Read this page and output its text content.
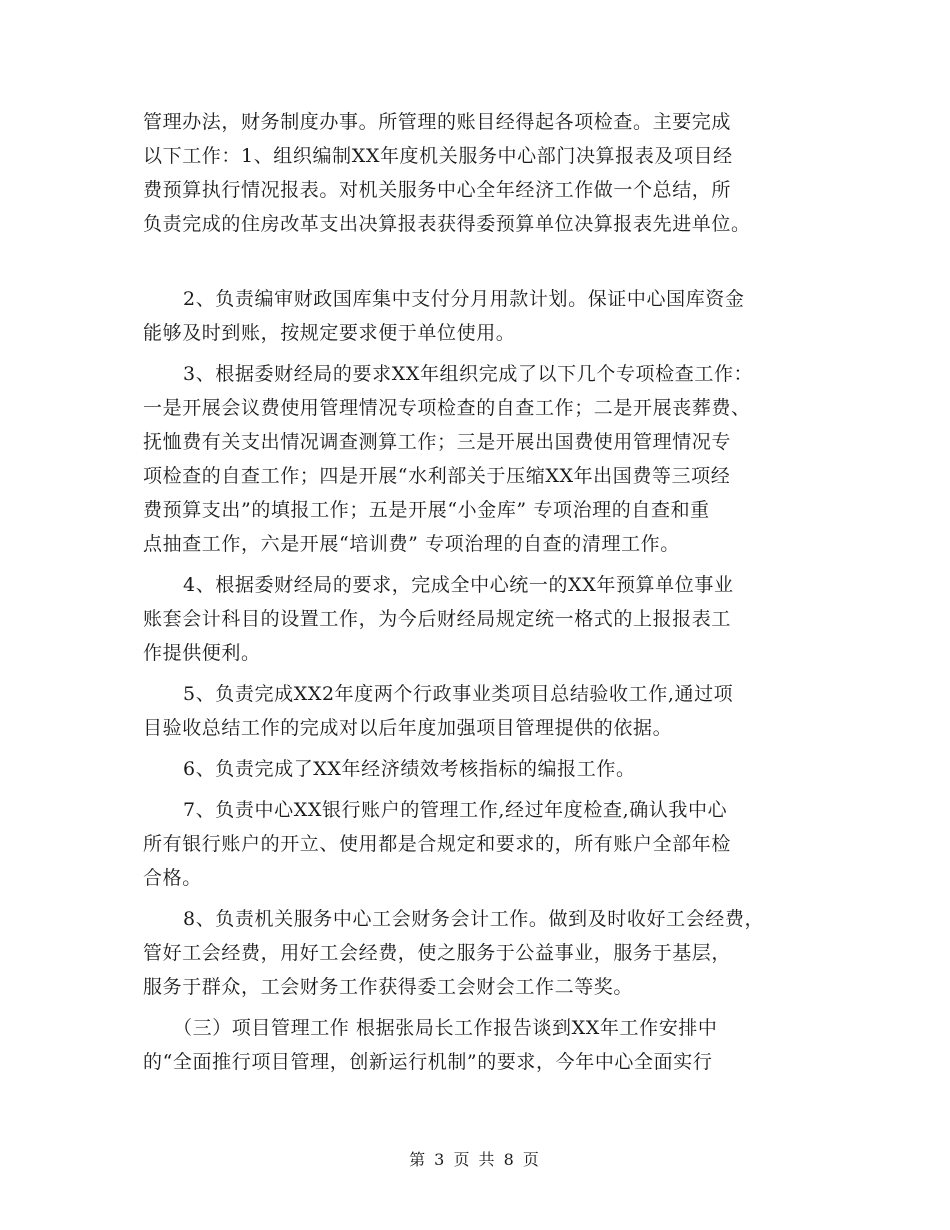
管理办法，财务制度办事。所管理的账目经得起各项检查。主要完成
以下工作：1、组织编制XX年度机关服务中心部门决算报表及项目经
费预算执行情况报表。对机关服务中心全年经济工作做一个总结，所
负责完成的住房改革支出决算报表获得委预算单位决算报表先进单位。
2、负责编审财政国库集中支付分月用款计划。保证中心国库资金
能够及时到账，按规定要求便于单位使用。
3、根据委财经局的要求XX年组织完成了以下几个专项检查工作：
一是开展会议费使用管理情况专项检查的自查工作；二是开展丧葬费、
抚恤费有关支出情况调查测算工作；三是开展出国费使用管理情况专
项检查的自查工作；四是开展“水利部关于压缩XX年出国费等三项经
费预算支出”的填报工作；五是开展“小金库” 专项治理的自查和重
点抽查工作，六是开展“培训费” 专项治理的自查的清理工作。
4、根据委财经局的要求，完成全中心统一的XX年预算单位事业
账套会计科目的设置工作，为今后财经局规定统一格式的上报报表工
作提供便利。
5、负责完成XX2年度两个行政事业类项目总结验收工作,通过项
目验收总结工作的完成对以后年度加强项目管理提供的依据。
6、负责完成了XX年经济绩效考核指标的编报工作。
7、负责中心XX银行账户的管理工作,经过年度检查,确认我中心
所有银行账户的开立、使用都是合规定和要求的，所有账户全部年检
合格。
8、负责机关服务中心工会财务会计工作。做到及时收好工会经费，
管好工会经费，用好工会经费，使之服务于公益事业，服务于基层，
服务于群众，工会财务工作获得委工会财会工作二等奖。
（三）项目管理工作 根据张局长工作报告谈到XX年工作安排中
的“全面推行项目管理，创新运行机制”的要求，今年中心全面实行
第 3 页 共 8 页
